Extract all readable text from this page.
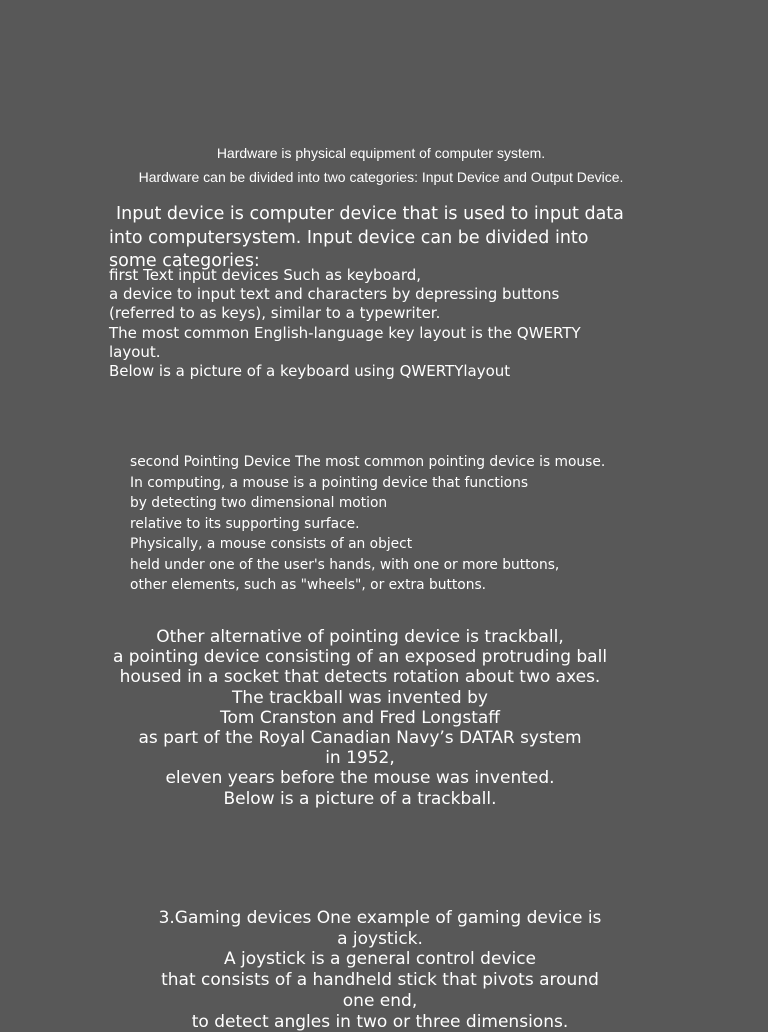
Hardware is physical equipment of computer system.

Hardware can be divided into two categories: Input Device and Output Device.

Input device is computer device that is used to input data
into computersystem. Input device can be divided into
some categories:

first Text input devices Such as keyboard,

a device to input text and characters by depressing buttons

(referred to as keys), similar to a typewriter.

The most common English-language key layout is the QWERTY

layout.

Below is a picture of a keyboard using QWERTYlayout

second Pointing Device The most common pointing device is mouse.

In computing, a mouse is a pointing device that functions

by detecting two dimensional motion

relative to its supporting surface.

Physically, a mouse consists of an object

held under one of the user's hands, with one or more buttons,

other elements, such as "wheels", or extra buttons.

Other alternative of pointing device is trackball,

a pointing device consisting of an exposed protruding ball

housed in a socket that detects rotation about two axes.

The trackball was invented by

Tom Cranston and Fred Longstaff

as part of the Royal Canadian Navy’s DATAR system

in 1952,

eleven years before the mouse was invented.

Below is a picture of a trackball.

3.Gaming devices One example of gaming device is

a joystick.

A joystick is a general control device

that consists of a handheld stick that pivots around

one end,

to detect angles in two or three dimensions.
